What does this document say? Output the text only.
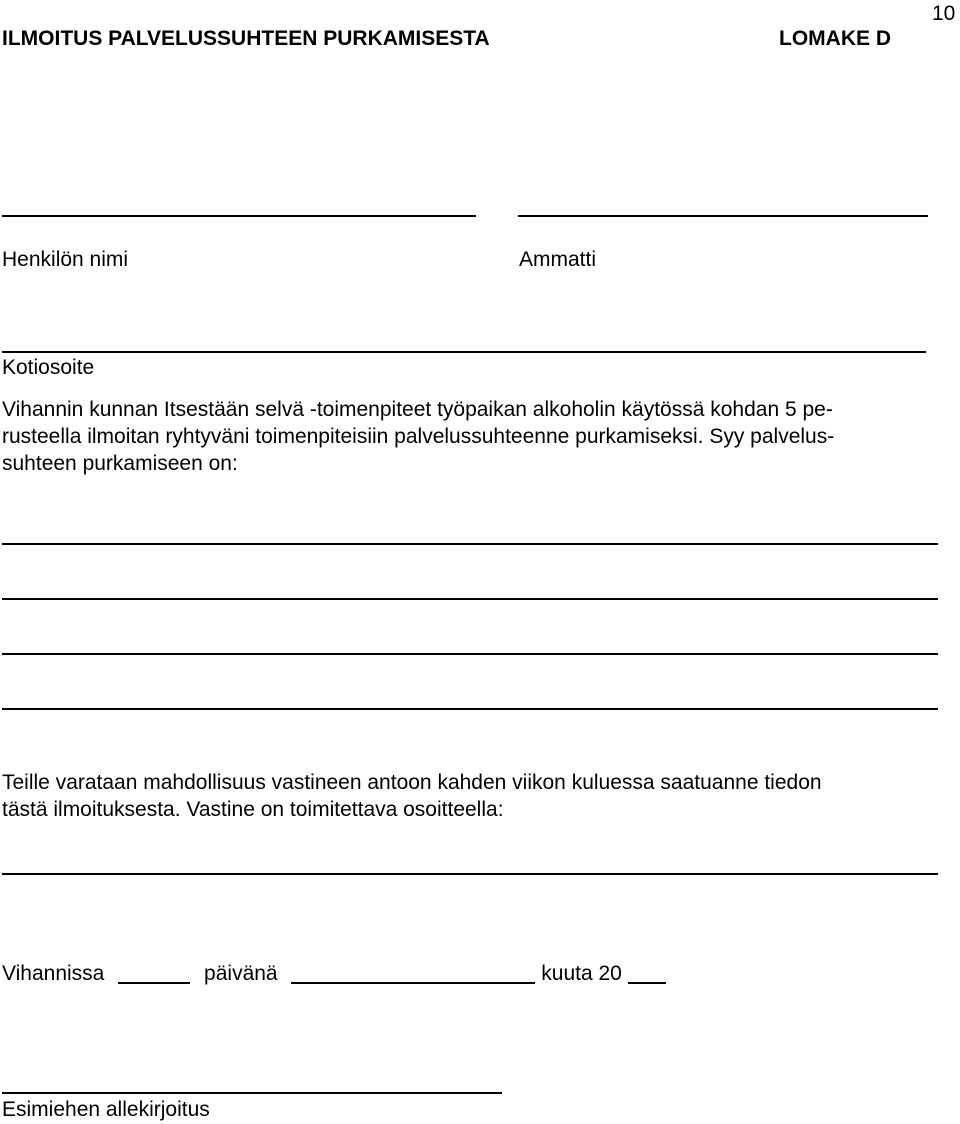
10
ILMOITUS PALVELUSSUHTEEN PURKAMISESTA	LOMAKE D
Henkilön nimi	Ammatti
Kotiosoite
Vihannin kunnan Itsestään selvä -toimenpiteet työpaikan alkoholin käytössä kohdan 5 pe-
rusteella ilmoitan ryhtyväni toimenpiteisiin palvelussuhteenne purkamiseksi. Syy palvelus-
suhteen purkamiseen on:
Teille varataan mahdollisuus vastineen antoon kahden viikon kuluessa saatuanne tiedon
tästä ilmoituksesta. Vastine on toimitettava osoitteella:
Vihannissa	päivänä	kuuta 20
Esimiehen allekirjoitus
